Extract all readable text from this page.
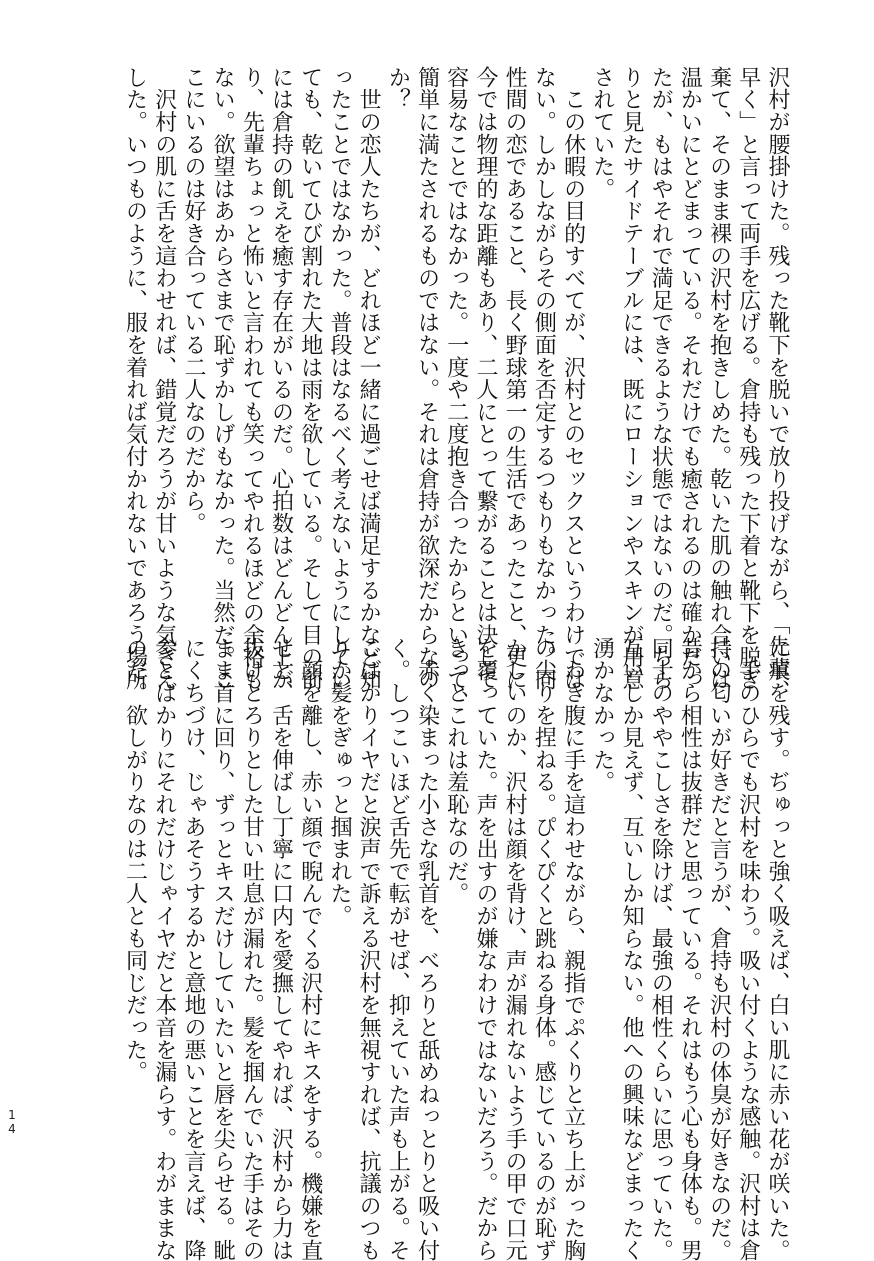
沢村が腰掛けた。残った靴下を脱いで放り投げながら、「先輩、
早く」と言って両手を広げる。倉持も残った下着と靴下を脱ぎ
棄て、そのまま裸の沢村を抱きしめた。乾いた肌の触れ合いは
温かいにとどまっている。それだけでも癒されるのは確かだっ
たが、もはやそれで満足できるような状態ではないのだ。ちら
りと見たサイドテーブルには、既にローションやスキンが用意
されていた。
　この休暇の目的すべてが、沢村とのセックスというわけでは
ない。しかしながらその側面を否定するつもりもなかった。同
性間の恋であること、長く野球第一の生活であったこと、更に
今では物理的な距離もあり、二人にとって繋がることは決して
容易なことではなかった。一度や二度抱き合ったからといって、
簡単に満たされるものではない。それは倉持が欲深だからなの
か？
　世の恋人たちが、どれほど一緒に過ごせば満足するかなど知
ったことではなかった。普段はなるべく考えないようにしてい
ても、乾いてひび割れた大地は雨を欲している。そして目の前
には倉持の飢えを癒す存在がいるのだ。心拍数はどんどん上が
り、先輩ちょっと怖いと言われても笑ってやれるほどの余裕も
ない。欲望はあからさまで恥ずかしげもなかった。当然だ。こ
こにいるのは好き合っている二人なのだから。
　沢村の肌に舌を這わせれば、錯覚だろうが甘いような気さえ
した。いつものように、服を着れば気付かれないであろう場所
に痕を残す。ぢゅっと強く吸えば、白い肌に赤い花が咲いた。
　手のひらでも沢村を味わう。吸い付くような感触。沢村は倉
持の匂いが好きだと言うが、倉持も沢村の体臭が好きなのだ。
昔から相性は抜群だと思っている。それはもう心も身体も。男
同士のややこしさを除けば、最強の相性くらいに思っていた。
互いしか見えず、互いしか知らない。他への興味などまったく
湧かなかった。
　わき腹に手を這わせながら、親指でぷくりと立ち上がった胸
の尖りを捏ねる。ぴくぴくと跳ねる身体。感じているのが恥ず
かしいのか、沢村は顔を背け、声が漏れないよう手の甲で口元
を覆っていた。声を出すのが嫌なわけではないだろう。だから
きっとこれは羞恥なのだ。
　赤く染まった小さな乳首を、べろりと舐めねっとりと吸い付
く。しつこいほど舌先で転がせば、抑えていた声も上がる。そ
こばかりイヤだと涙声で訴える沢村を無視すれば、抗議のつも
りか髪をぎゅっと掴まれた。
　顔を離し、赤い顔で睨んでくる沢村にキスをする。機嫌を直
せと、舌を伸ばし丁寧に口内を愛撫してやれば、沢村から力は
抜けとろりとした甘い吐息が漏れた。髪を掴んでいた手はその
まま首に回り、ずっとキスだけしていたいと唇を尖らせる。眦
にくちづけ、じゃあそうするかと意地の悪いことを言えば、降
参とばかりにそれだけじゃイヤだと本音を漏らす。わがままな
のだ。欲しがりなのは二人とも同じだった。
14
